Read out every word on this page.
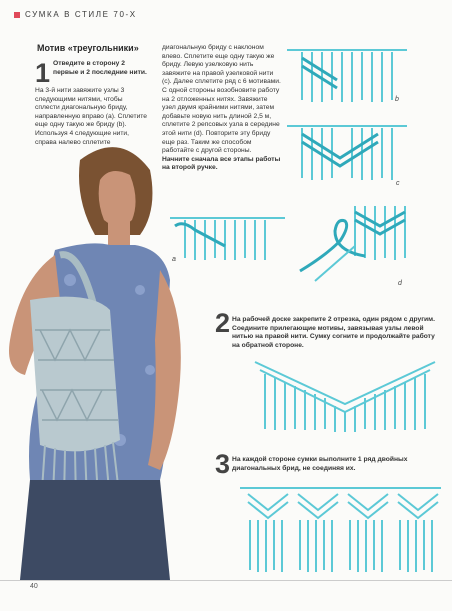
СУМКА В СТИЛЕ 70-Х
Мотив «треугольники»
1 Отведите в сторону 2 первые и 2 последние нити.

На 3-й нити завяжите узлы 3 следующими нитями, чтобы сплести диагональную бриду, направленную вправо (a). Сплетите еще одну такую же бриду (b). Используя 4 следующие нити, справа налево сплетите

диагональную бриду с наклоном влево. Сплетите еще одну такую же бриду. Левую узелковую нить завяжите на правой узелковой нити (c). Далее сплетите ряд с 6 мотивами. С одной стороны возобновите работу на 2 отложенных нитях. Завяжите узел двумя крайними нитями, затем добавьте новую нить длиной 2,5 м, сплетите 2 репсовых узла в середине этой нити (d). Повторите эту бриду еще раз. Таким же способом работайте с другой стороны.

Начните сначала все этапы работы на второй ручке.

b
c
a
d
2 На рабочей доске закрепите 2 отрезка, один рядом с другим. Соедините прилегающие мотивы, завязывая узлы левой нитью на правой нити. Сумку согните и продолжайте работу на обратной стороне.
3 На каждой стороне сумки выполните 1 ряд двойных диагональных брид, не соединяя их.
40
